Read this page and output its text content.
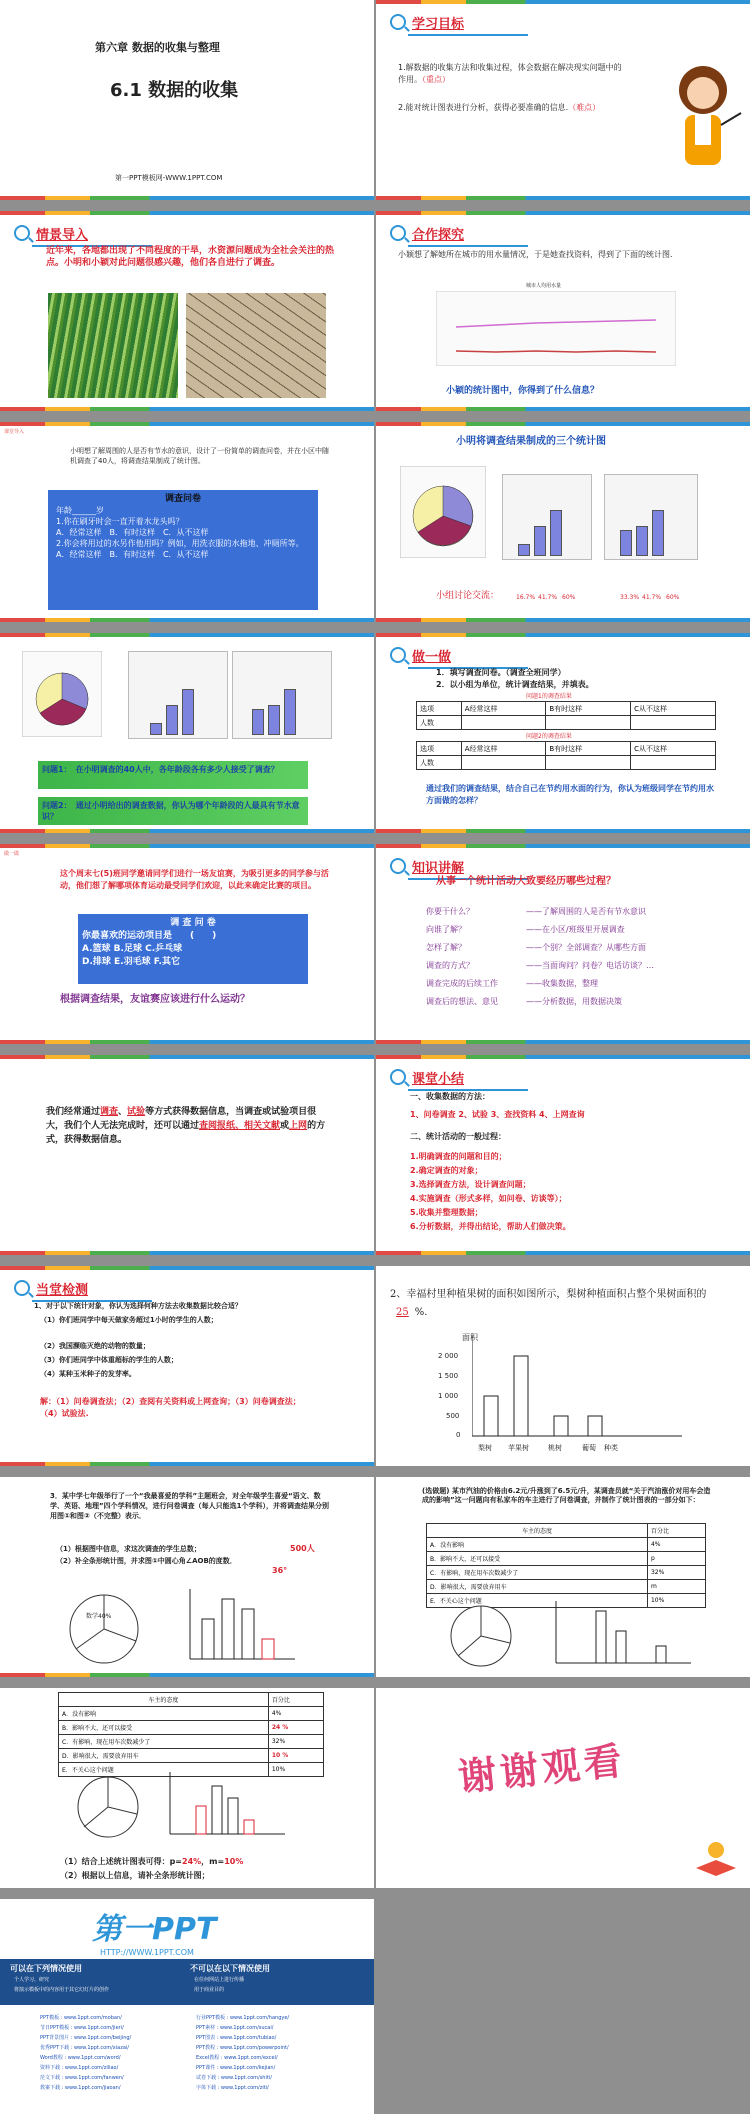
第六章 数据的收集与整理
6.1 数据的收集
第一PPT模板网-WWW.1PPT.COM
学习目标
1.解数据的收集方法和收集过程，体会数据在解决现实问题中的作用。（重点）
2.能对统计图表进行分析，获得必要准确的信息.（难点）
情景导入
近年来，各地都出现了不同程度的干旱，水资源问题成为全社会关注的热点。小明和小颖对此问题很感兴趣，他们各自进行了调查。
合作探究
小颖想了解她所在城市的用水量情况，于是她查找资料，得到了下面的统计图.
城市人均用水量
小颖的统计图中，你得到了什么信息？
课堂导入
小明想了解周围的人是否有节水的意识，设计了一份简单的调查问卷，并在小区中随机调查了40人，将调查结果制成了统计图。
调查问卷
年龄______岁
1.你在刷牙时会一直开着水龙头吗？
A．经常这样　B．有时这样　C．从不这样
2.你会将用过的水另作他用吗？例如，用洗衣服的水拖地、冲厕所等。
A．经常这样　B．有时这样　C．从不这样
小明将调查结果制成的三个统计图
小组讨论交流：	16.7% 41.7% 60%	33.3% 41.7% 60%
问题1：　在小明调查的40人中，各年龄段各有多少人接受了调查？
问题2：　通过小明给出的调查数据，你认为哪个年龄段的人最具有节水意识？
做一做
1．填写调查问卷。（调查全班同学）
2．以小组为单位，统计调查结果，并填表。
问题1的调查结果
选项	A经常这样	B有时这样	C从不这样
人数			
问题2的调查结果
选项	A经常这样	B有时这样	C从不这样
人数			
通过我们的调查结果，结合自己在节约用水面的行为，你认为班级同学在节约用水方面做的怎样？
做一做
这个周末七(5)班同学邀请同学们进行一场友谊赛，为吸引更多的同学参与活动，他们想了解哪项体育运动最受同学们欢迎，以此来确定比赛的项目。
调 查 问 卷
你最喜欢的运动项目是　　(　　)
A.篮球 B.足球 C.乒乓球
D.排球 E.羽毛球 F.其它
根据调查结果，友谊赛应该进行什么运动？
知识讲解
从事一个统计活动大致要经历哪些过程？
你要干什么？	——了解周围的人是否有节水意识
向谁了解？	——在小区/班级里开展调查
怎样了解？	——个别？全部调查？从哪些方面
调查的方式？	——当面询问？问卷？电话访谈？…
调查完成的后续工作	——收集数据，整理
调查后的想法、意见	——分析数据，用数据决策
我们经常通过调查、试验等方式获得数据信息，当调查或试验项目很大，我们个人无法完成时，还可以通过查阅报纸、相关文献或上网的方式，获得数据信息。
课堂小结
一、收集数据的方法：
1、问卷调查 2、试验 3、查找资料 4、上网查询
二、统计活动的一般过程：
1.明确调查的问题和目的；
2.确定调查的对象；
3.选择调查方法，设计调查问题；
4.实施调查（形式多样，如问卷、访谈等）；
5.收集并整理数据；
6.分析数据，并得出结论，帮助人们做决策。
当堂检测
1、对于以下统计对象，你认为选择何种方法去收集数据比较合适？
（1）你们班同学中每天做家务超过1小时的学生的人数；
（2）我国濒临灭绝的动物的数量；
（3）你们班同学中体重超标的学生的人数；
（4）某种玉米种子的发芽率。
解：（1）问卷调查法；（2）查阅有关资料或上网查询；（3）问卷调查法；（4）试验法.
2、幸福村里种植果树的面积如图所示，梨树种植面积占整个果树面积的25 %.
面积
2 000
1 500
1 000
500
0
梨树 苹果树	桃树	葡萄 种类
3．某中学七年级举行了一个“我最喜爱的学科”主题班会，对全年级学生喜爱“语文、数学、英语、地理”四个学科情况，进行问卷调查（每人只能选1个学科），并将调查结果分别用图①和图②（不完整）表示．
（1）根据图中信息，求这次调查的学生总数；	500人
（2）补全条形统计图，并求图①中圆心角∠AOB的度数．
36°
数学40%
(选做题) 某市汽油的价格由6.2元/升涨到了6.5元/升，某调查员就“关于汽油涨价对用车会造成的影响”这一问题向有私家车的车主进行了问卷调查，并制作了统计图表的一部分如下：
车主的态度	百分比
A．没有影响	4%
B．影响不大，还可以接受	p
C．有影响，现在用车次数减少了	32%
D．影响很大，需要放弃用车	m
E．不关心这个问题	10%
车主的态度	百分比
A．没有影响	4%
B．影响不大，还可以接受	24 %
C．有影响，现在用车次数减少了	32%
D．影响很大，需要放弃用车	10 %
E．不关心这个问题	10%
（1）结合上述统计图表可得：p=24%，m=10%
（2）根据以上信息，请补全条形统计图；
谢谢观看
第一PPT
HTTP://WWW.1PPT.COM
可以在下列情况使用
个人学习、研究
将演示模板中的内容用于其它幻灯片的创作
不可以在以下情况使用
在任何网站上进行传播
用于商业目的
PPT模板 : www.1ppt.com/moban/
节日PPT模板 : www.1ppt.com/jieri/
PPT背景图片 : www.1ppt.com/beijing/
优秀PPT下载 : www.1ppt.com/xiazai/
Word教程 : www.1ppt.com/word/
资料下载 : www.1ppt.com/ziliao/
范文下载 : www.1ppt.com/fanwen/
教案下载 : www.1ppt.com/jiaoan/
行业PPT模板 : www.1ppt.com/hangye/
PPT素材 : www.1ppt.com/sucai/
PPT图表 : www.1ppt.com/tubiao/
PPT教程 : www.1ppt.com/powerpoint/
Excel教程 : www.1ppt.com/excel/
PPT课件 : www.1ppt.com/kejian/
试卷下载 : www.1ppt.com/shiti/
字体下载 : www.1ppt.com/ziti/
